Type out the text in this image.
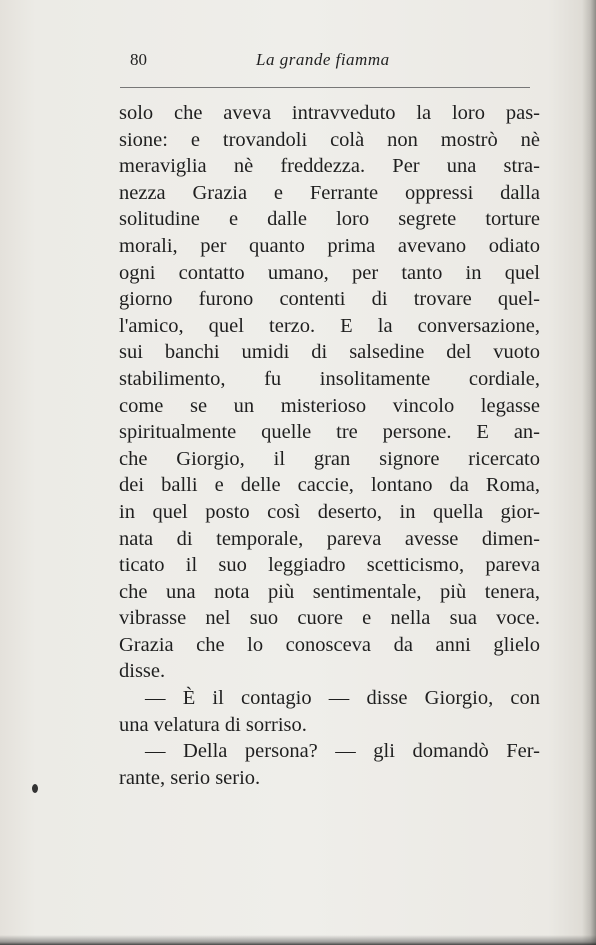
80	La grande fiamma
solo che aveva intravveduto la loro pas-
sione: e trovandoli colà non mostrò nè
meraviglia nè freddezza. Per una stra-
nezza Grazia e Ferrante oppressi dalla
solitudine e dalle loro segrete torture
morali, per quanto prima avevano odiato
ogni contatto umano, per tanto in quel
giorno furono contenti di trovare quel-
l'amico, quel terzo. E la conversazione,
sui banchi umidi di salsedine del vuoto
stabilimento, fu insolitamente cordiale,
come se un misterioso vincolo legasse
spiritualmente quelle tre persone. E an-
che Giorgio, il gran signore ricercato
dei balli e delle caccie, lontano da Roma,
in quel posto così deserto, in quella gior-
nata di temporale, pareva avesse dimen-
ticato il suo leggiadro scetticismo, pareva
che una nota più sentimentale, più tenera,
vibrasse nel suo cuore e nella sua voce.
Grazia che lo conosceva da anni glielo
disse.
— È il contagio — disse Giorgio, con
una velatura di sorriso.
— Della persona? — gli domandò Fer-
rante, serio serio.
